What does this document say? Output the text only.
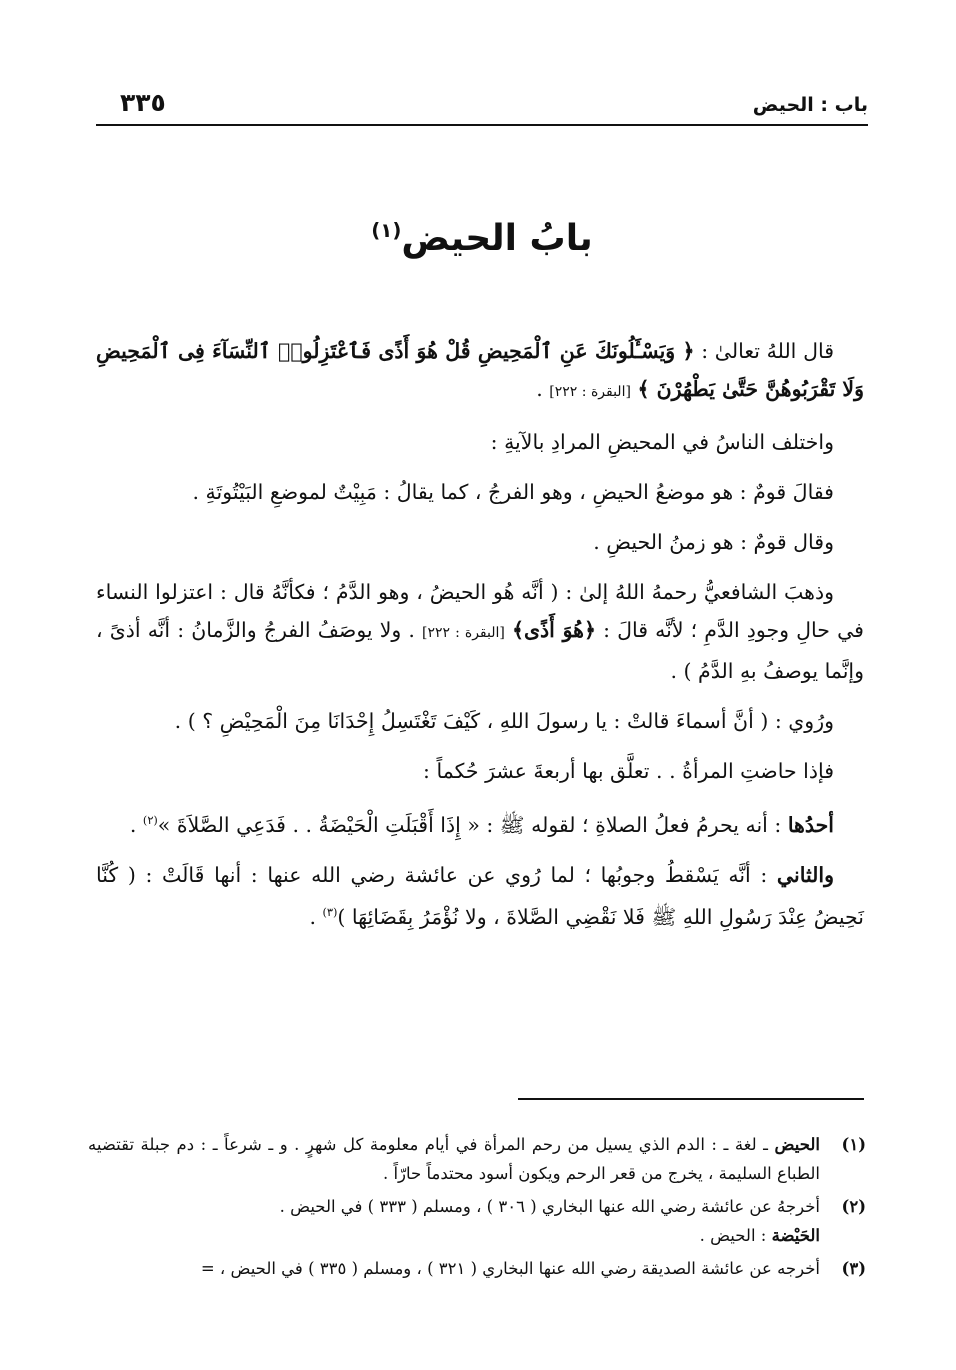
باب : الحيض
٣٣٥
بابُ الحيض$^{(١)}$

قال اللهُ تعالىٰ : ﴿ وَيَسْـَٔلُونَكَ عَنِ ٱلْمَحِيضِ قُلْ هُوَ أَذًى فَٱعْتَزِلُوا۟ ٱلنِّسَآءَ فِى ٱلْمَحِيضِ وَلَا تَقْرَبُوهُنَّ حَتَّىٰ يَطْهُرْنَ ﴾ [البقرة : ٢٢٢] .

واختلف الناسُ في المحيضِ المرادِ بالآيةِ :

فقالَ قومٌ : هو موضعُ الحيضِ ، وهو الفرجُ ، كما يقالُ : مَبِيْتٌ لموضعِ البَيْتُوتَةِ .

وقال قومٌ : هو زمنُ الحيضِ .

وذهبَ الشافعيُّ رحمهُ اللهُ إلىٰ : ( أنَّه هُو الحيضُ ، وهو الدَّمُ ؛ فكأنَّهُ قال : اعتزلوا النساء في حالِ وجودِ الدَّمِ ؛ لأنَّه قالَ : ﴿هُوَ أَذًى﴾ [البقرة : ٢٢٢] . ولا يوصَفُ الفرجُ والزَّمانُ : أنَّه أذىً ، وإنَّما يوصفُ بهِ الدَّمُ ) .

ورُوي : ( أنَّ أسماءَ قالتْ : يا رسولَ اللهِ ، كَيْفَ تَغْتَسِلُ إِحْدَانَا مِنَ الْمَحِيْضِ ؟ ) .

فإذا حاضتِ المرأةُ . . تعلَّق بها أربعةَ عشرَ حُكماً :

أحدُها : أنه يحرمُ فعلُ الصلاةِ ؛ لقوله ﷺ : « إِذَا أَقْبَلَتِ الْحَيْضَةُ . . فَدَعِي الصَّلاَةَ »$^{(٢)}$ .

والثاني : أنَّه يَسْقطُ وجوبُها ؛ لما رُوي عن عائشة رضي الله عنها : أنها قَالَتْ : ( كُنَّا نَحِيضُ عِنْدَ رَسُولِ اللهِ ﷺ فَلا نَقْضِي الصَّلاةَ ، ولا نُؤْمَرُ بِقَضَائِهَا )$^{(٣)}$ .

(١)
الحيض ـ لغة ـ : الدم الذي يسيل من رحم المرأة في أيام معلومة كل شهرٍ . و ـ شرعاً ـ : دم جبلة تقتضيه الطباع السليمة ، يخرج من قعر الرحم ويكون أسود محتدماً حارّاً .
(٢)
أخرجهُ عن عائشة رضي الله عنها البخاري ( ٣٠٦ ) ، ومسلم ( ٣٣٣ ) في الحيض .
الحَيْضة : الحيض .
(٣)
أخرجه عن عائشة الصديقة رضي الله عنها البخاري ( ٣٢١ ) ، ومسلم ( ٣٣٥ ) في الحيض ، =
